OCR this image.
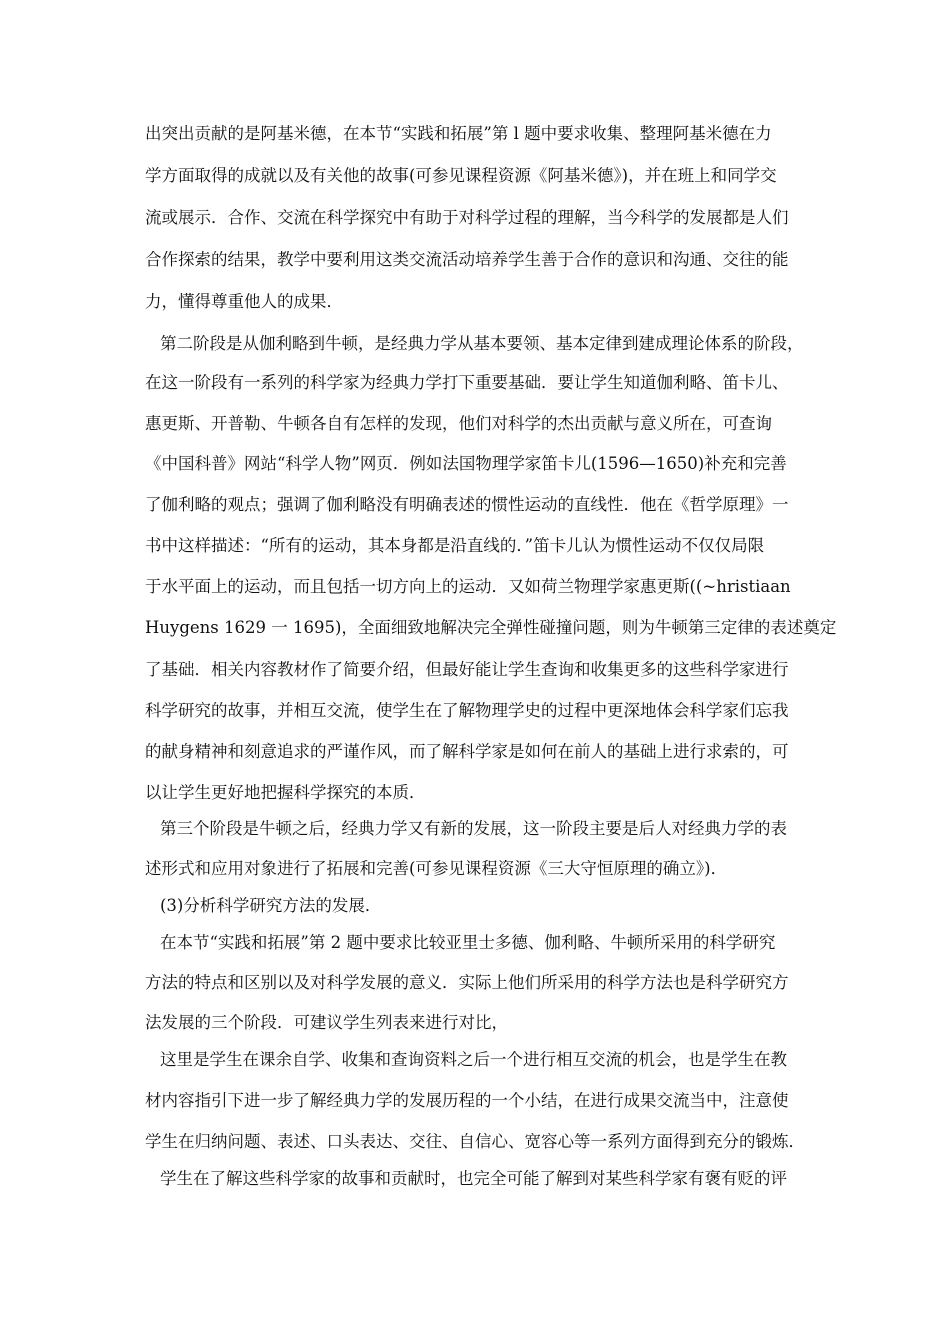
出突出贡献的是阿基米德，在本节“实践和拓展”第 l 题中要求收集、整理阿基米德在力
学方面取得的成就以及有关他的故事(可参见课程资源《阿基米德》)，并在班上和同学交
流或展示．合作、交流在科学探究中有助于对科学过程的理解，当今科学的发展都是人们
合作探索的结果，教学中要利用这类交流活动培养学生善于合作的意识和沟通、交往的能
力，懂得尊重他人的成果．
第二阶段是从伽利略到牛顿，是经典力学从基本要领、基本定律到建成理论体系的阶段，
在这一阶段有一系列的科学家为经典力学打下重要基础．要让学生知道伽利略、笛卡儿、
惠更斯、开普勒、牛顿各自有怎样的发现，他们对科学的杰出贡献与意义所在，可查询
《中国科普》网站“科学人物”网页．例如法国物理学家笛卡儿(1596—1650)补充和完善
了伽利略的观点；强调了伽利略没有明确表述的惯性运动的直线性．他在《哲学原理》一
书中这样描述：“所有的运动，其本身都是沿直线的．”笛卡儿认为惯性运动不仅仅局限
于水平面上的运动，而且包括一切方向上的运动．又如荷兰物理学家惠更斯((~hristiaan
Huygens 1629 一 1695)，全面细致地解决完全弹性碰撞问题，则为牛顿第三定律的表述奠定
了基础．相关内容教材作了简要介绍，但最好能让学生查询和收集更多的这些科学家进行
科学研究的故事，并相互交流，使学生在了解物理学史的过程中更深地体会科学家们忘我
的献身精神和刻意追求的严谨作风，而了解科学家是如何在前人的基础上进行求索的，可
以让学生更好地把握科学探究的本质．
第三个阶段是牛顿之后，经典力学又有新的发展，这一阶段主要是后人对经典力学的表
述形式和应用对象进行了拓展和完善(可参见课程资源《三大守恒原理的确立》)．
(3)分析科学研究方法的发展．
在本节“实践和拓展”第 2 题中要求比较亚里士多德、伽利略、牛顿所采用的科学研究
方法的特点和区别以及对科学发展的意义．实际上他们所采用的科学方法也是科学研究方
法发展的三个阶段．可建议学生列表来进行对比，
这里是学生在课余自学、收集和查询资料之后一个进行相互交流的机会，也是学生在教
材内容指引下进一步了解经典力学的发展历程的一个小结，在进行成果交流当中，注意使
学生在归纳问题、表述、口头表达、交往、自信心、宽容心等一系列方面得到充分的锻炼．
学生在了解这些科学家的故事和贡献时，也完全可能了解到对某些科学家有褒有贬的评
